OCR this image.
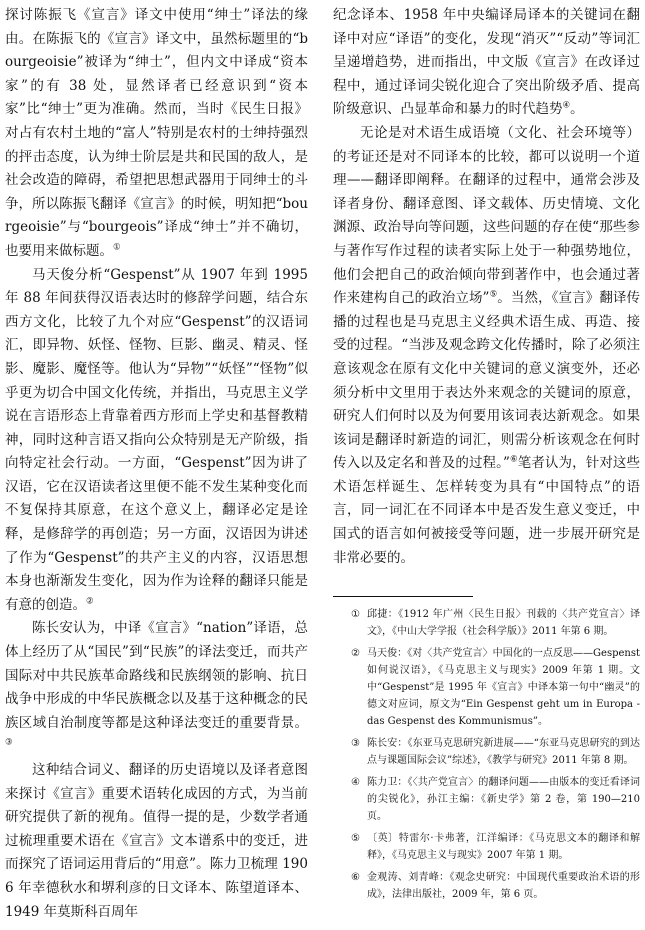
探讨陈振飞《宣言》译文中使用“绅士”译法的缘由。在陈振飞的《宣言》译文中，虽然标题里的“bourgeoisie”被译为“绅士”，但内文中译成“资本家”的有 38 处，显然译者已经意识到“资本家”比“绅士”更为准确。然而，当时《民生日报》对占有农村土地的“富人”特别是农村的士绅持强烈的抨击态度，认为绅士阶层是共和民国的敌人，是社会改造的障碍，希望把思想武器用于同绅士的斗争，所以陈振飞翻译《宣言》的时候，明知把“bourgeoisie”与“bourgeois”译成“绅士”并不确切，也要用来做标题。①

马天俊分析“Gespenst”从 1907 年到 1995 年 88 年间获得汉语表达时的修辞学问题，结合东西方文化，比较了九个对应“Gespenst”的汉语词汇，即异物、妖怪、怪物、巨影、幽灵、精灵、怪影、魔影、魔怪等。他认为“异物”“妖怪”“怪物”似乎更为切合中国文化传统，并指出，马克思主义学说在言语形态上背靠着西方形而上学史和基督教精神，同时这种言语又指向公众特别是无产阶级，指向特定社会行动。一方面，“Gespenst”因为讲了汉语，它在汉语读者这里便不能不发生某种变化而不复保持其原意，在这个意义上，翻译必定是诠释，是修辞学的再创造；另一方面，汉语因为讲述了作为“Gespenst”的共产主义的内容，汉语思想本身也渐渐发生变化，因为作为诠释的翻译只能是有意的创造。②

陈长安认为，中译《宣言》“nation”译语，总体上经历了从“国民”到“民族”的译法变迁，而共产国际对中共民族革命路线和民族纲领的影响、抗日战争中形成的中华民族概念以及基于这种概念的民族区域自治制度等都是这种译法变迁的重要背景。③

这种结合词义、翻译的历史语境以及译者意图来探讨《宣言》重要术语转化成因的方式，为当前研究提供了新的视角。值得一提的是，少数学者通过梳理重要术语在《宣言》文本谱系中的变迁，进而探究了语词运用背后的“用意”。陈力卫梳理 1906 年幸德秋水和堺利彦的日文译本、陈望道译本、1949 年莫斯科百周年

纪念译本、1958 年中央编译局译本的关键词在翻译中对应“译语”的变化，发现“消灭”“反动”等词汇呈递增趋势，进而指出，中文版《宣言》在改译过程中，通过译词尖锐化迎合了突出阶级矛盾、提高阶级意识、凸显革命和暴力的时代趋势④。

无论是对术语生成语境（文化、社会环境等）的考证还是对不同译本的比较，都可以说明一个道理——翻译即阐释。在翻译的过程中，通常会涉及译者身份、翻译意图、译文载体、历史情境、文化渊源、政治导向等问题，这些问题的存在使“那些参与著作写作过程的读者实际上处于一种强势地位，他们会把自己的政治倾向带到著作中，也会通过著作来建构自己的政治立场”⑤。当然，《宣言》翻译传播的过程也是马克思主义经典术语生成、再造、接受的过程。“当涉及观念跨文化传播时，除了必须注意该观念在原有文化中关键词的意义演变外，还必须分析中文里用于表达外来观念的关键词的原意，研究人们何时以及为何要用该词表达新观念。如果该词是翻译时新造的词汇，则需分析该观念在何时传入以及定名和普及的过程。”⑥笔者认为，针对这些术语怎样诞生、怎样转变为具有“中国特点”的语言，同一词汇在不同译本中是否发生意义变迁，中国式的语言如何被接受等问题，进一步展开研究是非常必要的。

① 邱捷：《1912 年广州〈民生日报〉刊载的〈共产党宣言〉译文》，《中山大学学报（社会科学版）》2011 年第 6 期。

② 马天俊：《对〈共产党宣言〉中国化的一点反思——Gespenst 如何说汉语》，《马克思主义与现实》2009 年第 1 期。文中“Gespenst”是 1995 年《宣言》中译本第一句中“幽灵”的德文对应词，原文为“Ein Gespenst geht um in Europa -das Gespenst des Kommunismus”。

③ 陈长安：《东亚马克思研究新进展——“东亚马克思研究的到达点与课题国际会议”综述》，《教学与研究》2011 年第 8 期。

④ 陈力卫：《〈共产党宣言〉的翻译问题——由版本的变迁看译词的尖锐化》，孙江主编：《新史学》第 2 卷，第 190—210 页。

⑤ 〔英〕特雷尔·卡弗著，江洋编译：《马克思文本的翻译和解释》，《马克思主义与现实》2007 年第 1 期。

⑥ 金观涛、刘青峰：《观念史研究：中国现代重要政治术语的形成》，法律出版社，2009 年，第 6 页。
